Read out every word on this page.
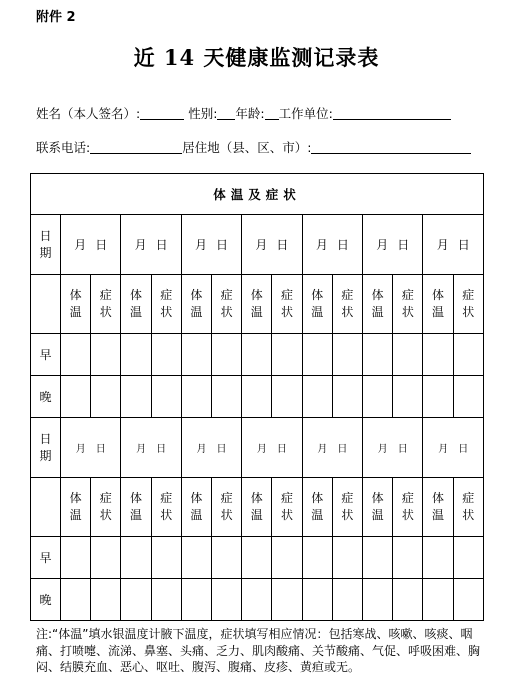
附件 2
近 14 天健康监测记录表
姓名（本人签名）:	性别: 年龄: 工作单位:
联系电话:	居住地（县、区、市）:
体温及症状														
日期	月 日		月 日		月 日		月 日		月 日		月 日		月 日	
	体温	症状	体温	症状	体温	症状	体温	症状	体温	症状	体温	症状	体温	症状
早														
晚														
日期	月 日		月 日		月 日		月 日		月 日		月 日		月 日	
	体温	症状	体温	症状	体温	症状	体温	症状	体温	症状	体温	症状	体温	症状
早														
晚														
注:“体温”填水银温度计腋下温度，症状填写相应情况：包括寒战、咳嗽、咳痰、咽痛、打喷嚏、流涕、鼻塞、头痛、乏力、肌肉酸痛、关节酸痛、气促、呼吸困难、胸闷、结膜充血、恶心、呕吐、腹泻、腹痛、皮疹、黄疸或无。
